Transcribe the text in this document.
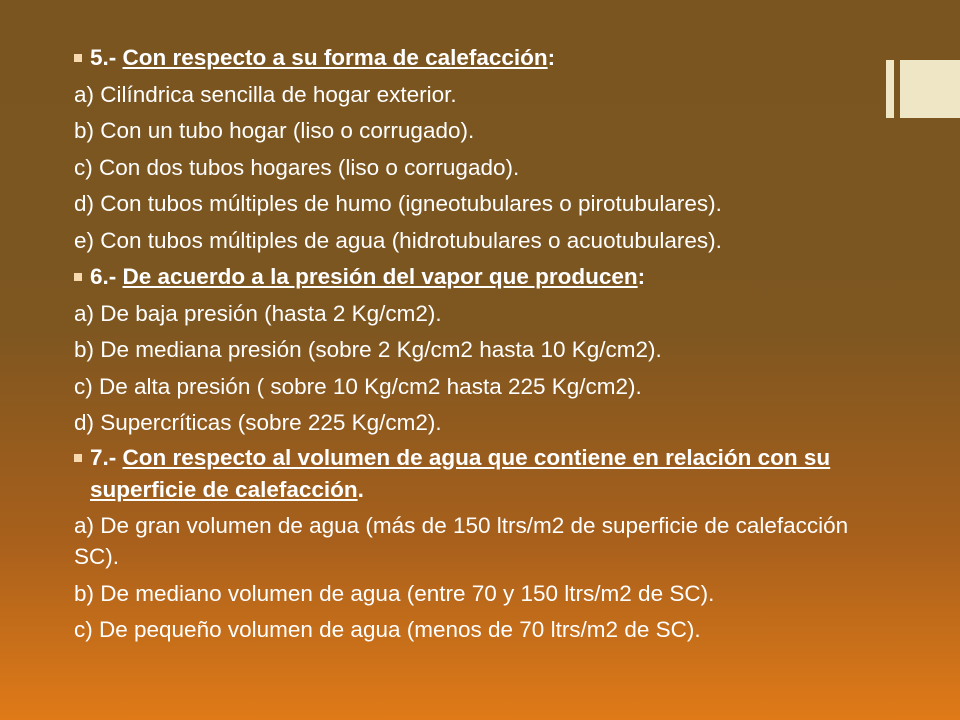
5.- Con respecto a su forma de calefacción:
a) Cilíndrica sencilla de hogar exterior.
b) Con un tubo hogar (liso o corrugado).
c) Con dos tubos hogares (liso o corrugado).
d) Con tubos múltiples de humo (igneotubulares o pirotubulares).
e) Con tubos múltiples de agua (hidrotubulares o acuotubulares).
6.- De acuerdo a la presión del vapor que producen:
a) De baja presión (hasta 2 Kg/cm2).
b) De mediana presión (sobre 2 Kg/cm2 hasta 10 Kg/cm2).
c) De alta presión ( sobre 10 Kg/cm2 hasta 225 Kg/cm2).
d) Supercríticas (sobre 225 Kg/cm2).
7.- Con respecto al volumen de agua que contiene en relación con su superficie de calefacción.
a) De gran volumen de agua (más de 150 ltrs/m2 de superficie de calefacción SC).
b) De mediano volumen de agua (entre 70 y 150 ltrs/m2 de SC).
c) De pequeño volumen de agua (menos de 70 ltrs/m2 de SC).
